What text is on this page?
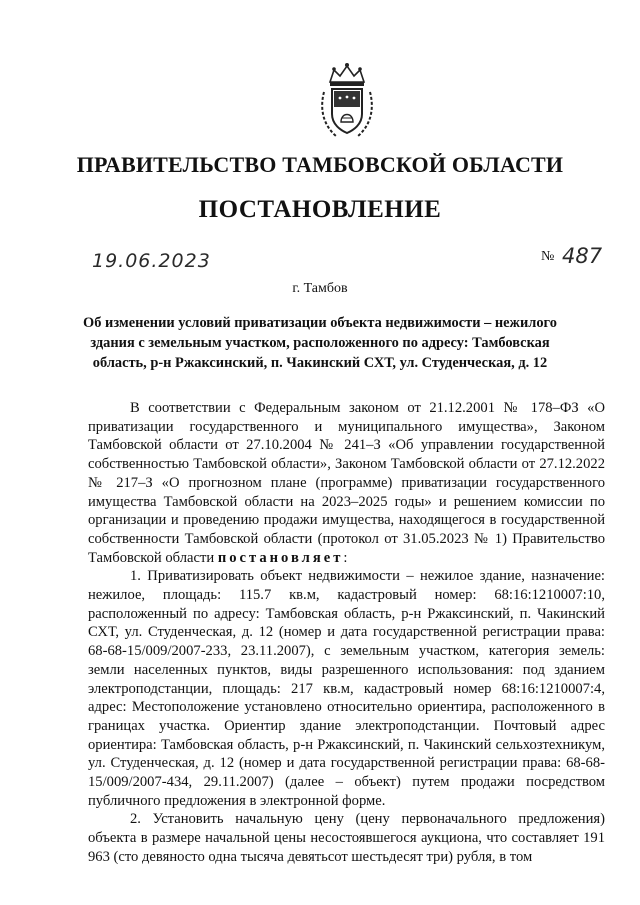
ПРАВИТЕЛЬСТВО ТАМБОВСКОЙ ОБЛАСТИ
ПОСТАНОВЛЕНИЕ
19.06.2023	№ 487
г. Тамбов

Об изменении условий приватизации объекта недвижимости – нежилого здания с земельным участком, расположенного по адресу: Тамбовская область, р-н Ржаксинский, п. Чакинский СХТ, ул. Студенческая, д. 12

В соответствии с Федеральным законом от 21.12.2001 № 178–ФЗ «О приватизации государственного и муниципального имущества», Законом Тамбовской области от 27.10.2004 № 241–З «Об управлении государственной собственностью Тамбовской области», Законом Тамбовской области от 27.12.2022 № 217–З «О прогнозном плане (программе) приватизации государственного имущества Тамбовской области на 2023–2025 годы» и решением комиссии по организации и проведению продажи имущества, находящегося в государственной собственности Тамбовской области (протокол от 31.05.2023 № 1) Правительство Тамбовской области постановляет:

1. Приватизировать объект недвижимости – нежилое здание, назначение: нежилое, площадь: 115.7 кв.м, кадастровый номер: 68:16:1210007:10, расположенный по адресу: Тамбовская область, р-н Ржаксинский, п. Чакинский СХТ, ул. Студенческая, д. 12 (номер и дата государственной регистрации права: 68-68-15/009/2007-233, 23.11.2007), с земельным участком, категория земель: земли населенных пунктов, виды разрешенного использования: под зданием электроподстанции, площадь: 217 кв.м, кадастровый номер 68:16:1210007:4, адрес: Местоположение установлено относительно ориентира, расположенного в границах участка. Ориентир здание электроподстанции. Почтовый адрес ориентира: Тамбовская область, р-н Ржаксинский, п. Чакинский сельхозтехникум, ул. Студенческая, д. 12 (номер и дата государственной регистрации права: 68-68-15/009/2007-434, 29.11.2007) (далее – объект) путем продажи посредством публичного предложения в электронной форме.

2. Установить начальную цену (цену первоначального предложения) объекта в размере начальной цены несостоявшегося аукциона, что составляет 191 963 (сто девяносто одна тысяча девятьсот шестьдесят три) рубля, в том
